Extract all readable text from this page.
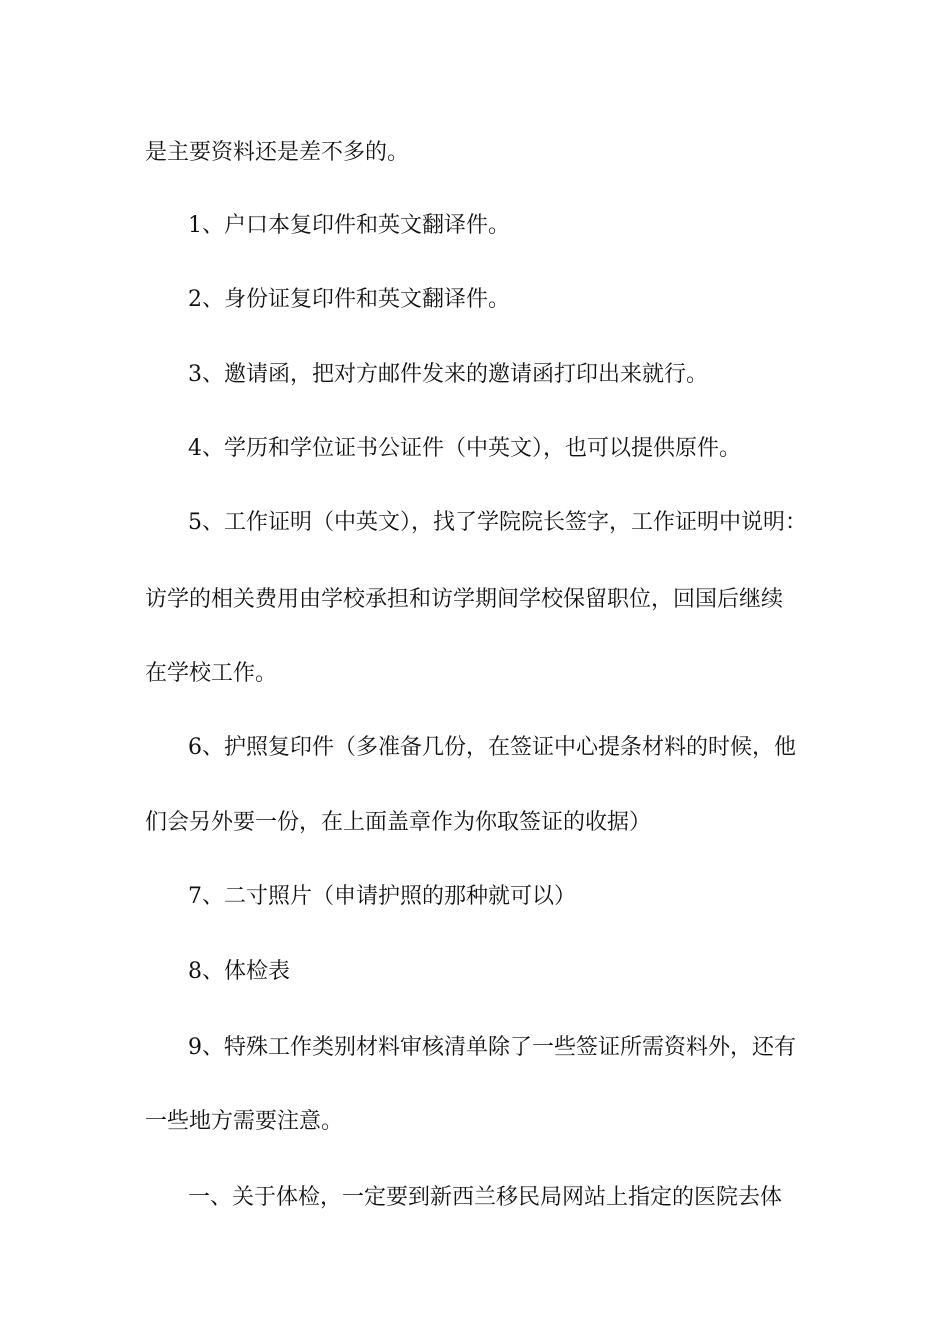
是主要资料还是差不多的。
1、户口本复印件和英文翻译件。
2、身份证复印件和英文翻译件。
3、邀请函，把对方邮件发来的邀请函打印出来就行。
4、学历和学位证书公证件（中英文），也可以提供原件。
5、工作证明（中英文），找了学院院长签字，工作证明中说明：
访学的相关费用由学校承担和访学期间学校保留职位，回国后继续
在学校工作。
6、护照复印件（多准备几份，在签证中心提条材料的时候，他
们会另外要一份，在上面盖章作为你取签证的收据）
7、二寸照片（申请护照的那种就可以）
8、体检表
9、特殊工作类别材料审核清单除了一些签证所需资料外，还有
一些地方需要注意。
一、关于体检，一定要到新西兰移民局网站上指定的医院去体
